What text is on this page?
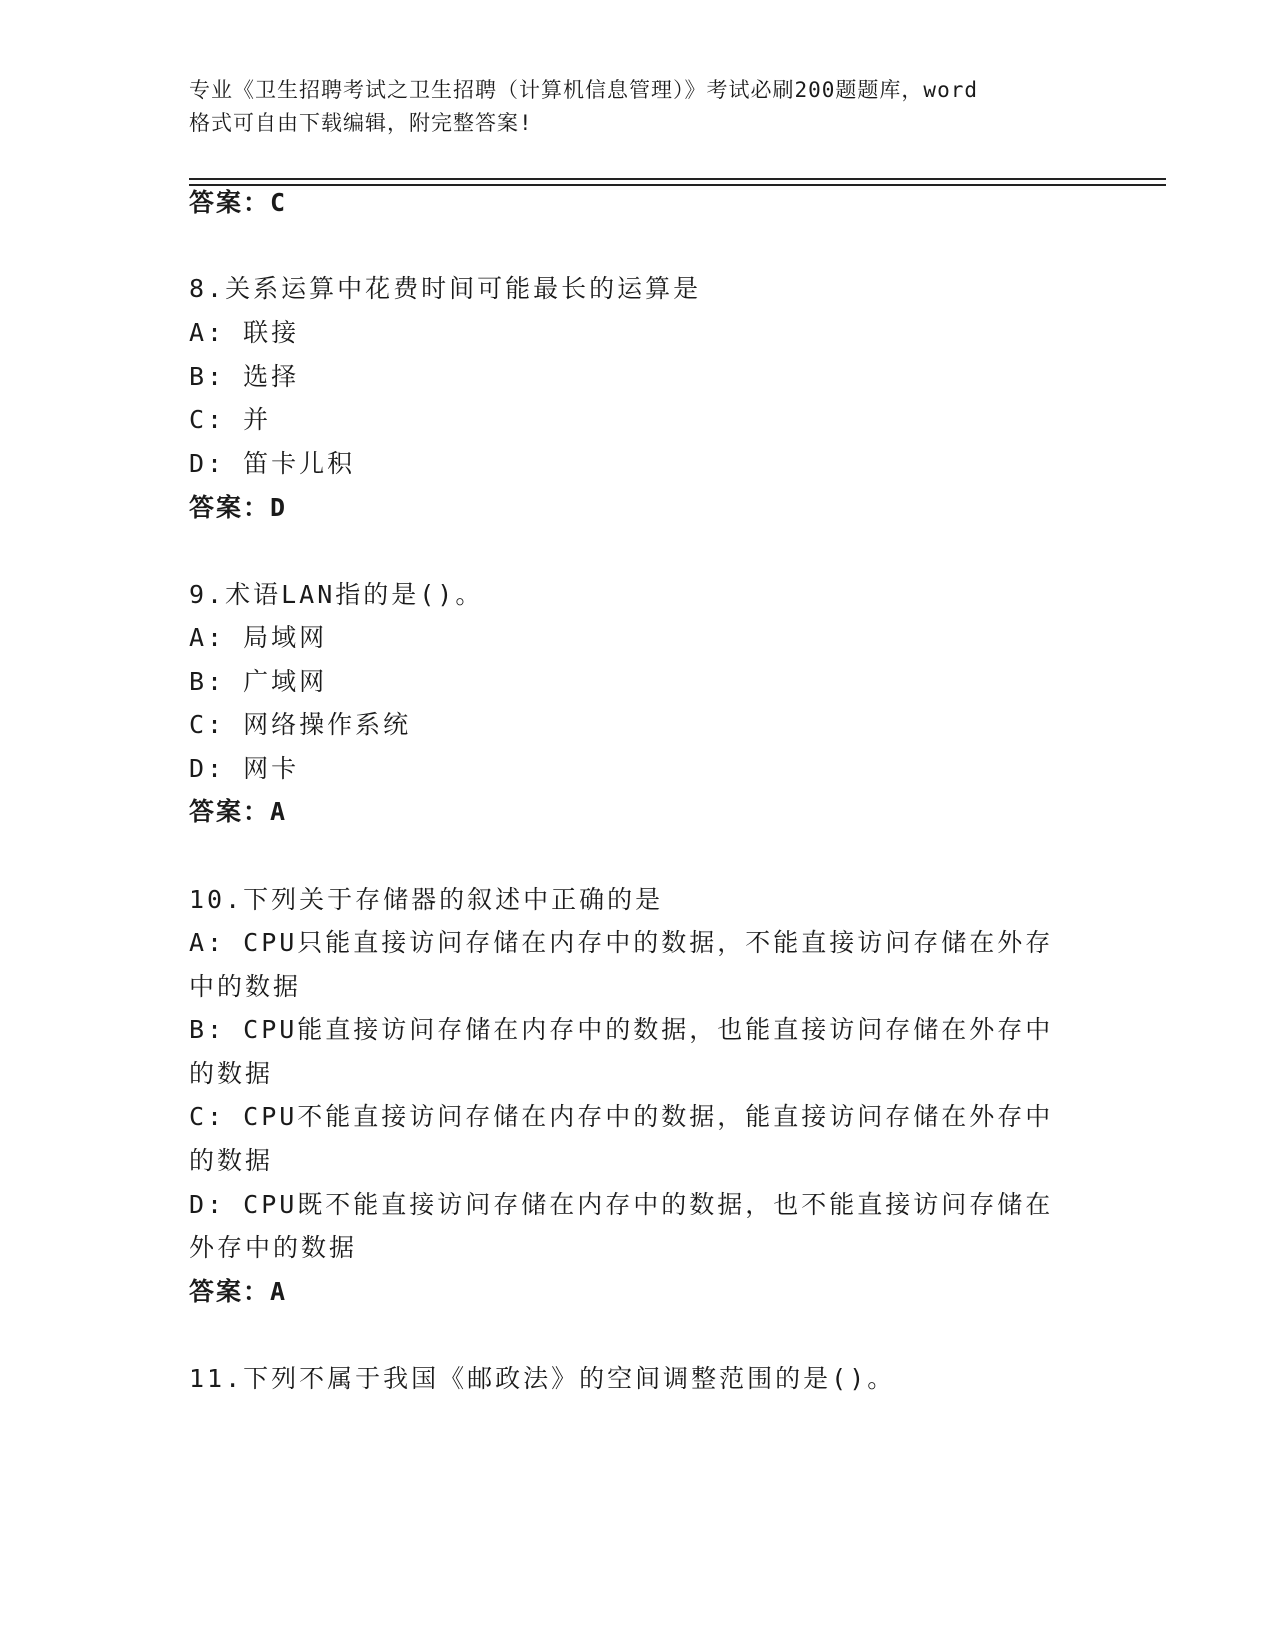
专业《卫生招聘考试之卫生招聘（计算机信息管理）》考试必刷200题题库，word
格式可自由下载编辑，附完整答案!
答案：C
8.关系运算中花费时间可能最长的运算是
A: 联接
B: 选择
C: 并
D: 笛卡儿积
答案：D
9.术语LAN指的是()。
A: 局域网
B: 广域网
C: 网络操作系统
D: 网卡
答案：A
10.下列关于存储器的叙述中正确的是
A: CPU只能直接访问存储在内存中的数据，不能直接访问存储在外存
中的数据
B: CPU能直接访问存储在内存中的数据，也能直接访问存储在外存中
的数据
C: CPU不能直接访问存储在内存中的数据，能直接访问存储在外存中
的数据
D: CPU既不能直接访问存储在内存中的数据，也不能直接访问存储在
外存中的数据
答案：A
11.下列不属于我国《邮政法》的空间调整范围的是()。
